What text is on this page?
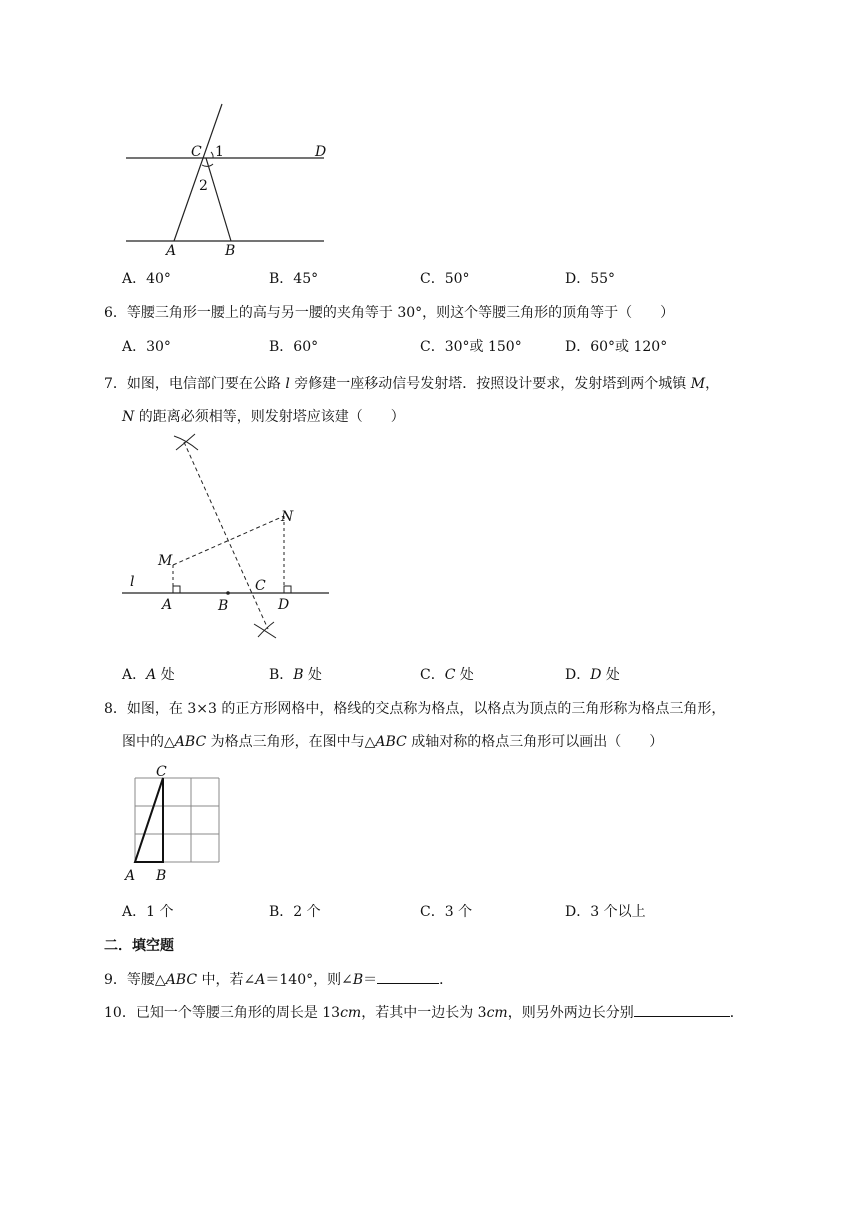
C 1	D
2
A	B
A．40°	B．45°	C．50°	D．55°
6．等腰三角形一腰上的高与另一腰的夹角等于 30°，则这个等腰三角形的顶角等于（　　）
A．30°	B．60°	C．30°或 150°	D．60°或 120°
7．如图，电信部门要在公路 l 旁修建一座移动信号发射塔．按照设计要求，发射塔到两个城镇 M，
N 的距离必须相等，则发射塔应该建（　　）
M
N
l
A	B
C
D
A．A 处	B．B 处	C．C 处	D．D 处
8．如图，在 3×3 的正方形网格中，格线的交点称为格点，以格点为顶点的三角形称为格点三角形，
图中的△ABC 为格点三角形，在图中与△ABC 成轴对称的格点三角形可以画出（　　）
C
A B
A．1 个	B．2 个	C．3 个	D．3 个以上
二．填空题
9．等腰△ABC 中，若∠A＝140°，则∠B＝	．
10．已知一个等腰三角形的周长是 13cm，若其中一边长为 3cm，则另外两边长分别	．
